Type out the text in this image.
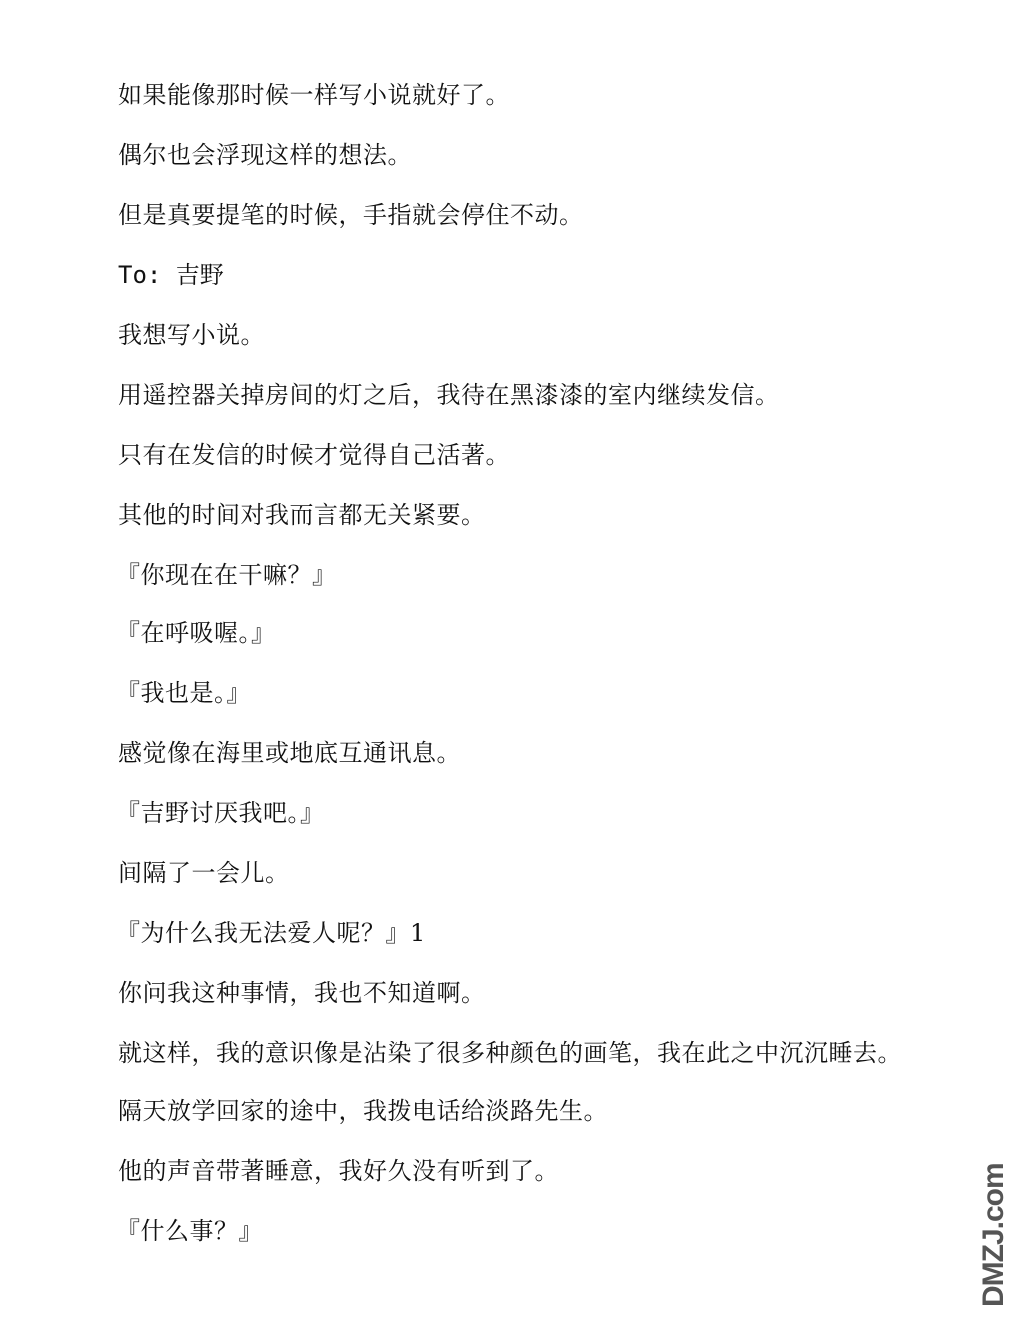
如果能像那时候一样写小说就好了。
偶尔也会浮现这样的想法。
但是真要提笔的时候，手指就会停住不动。
To: 吉野
我想写小说。
用遥控器关掉房间的灯之后，我待在黑漆漆的室内继续发信。
只有在发信的时候才觉得自己活著。
其他的时间对我而言都无关紧要。
『你现在在干嘛？』
『在呼吸喔。』
『我也是。』
感觉像在海里或地底互通讯息。
『吉野讨厌我吧。』
间隔了一会儿。
『为什么我无法爱人呢？』1
你问我这种事情，我也不知道啊。
就这样，我的意识像是沾染了很多种颜色的画笔，我在此之中沉沉睡去。
隔天放学回家的途中，我拨电话给淡路先生。
他的声音带著睡意，我好久没有听到了。
『什么事？』	DMZJ.com
